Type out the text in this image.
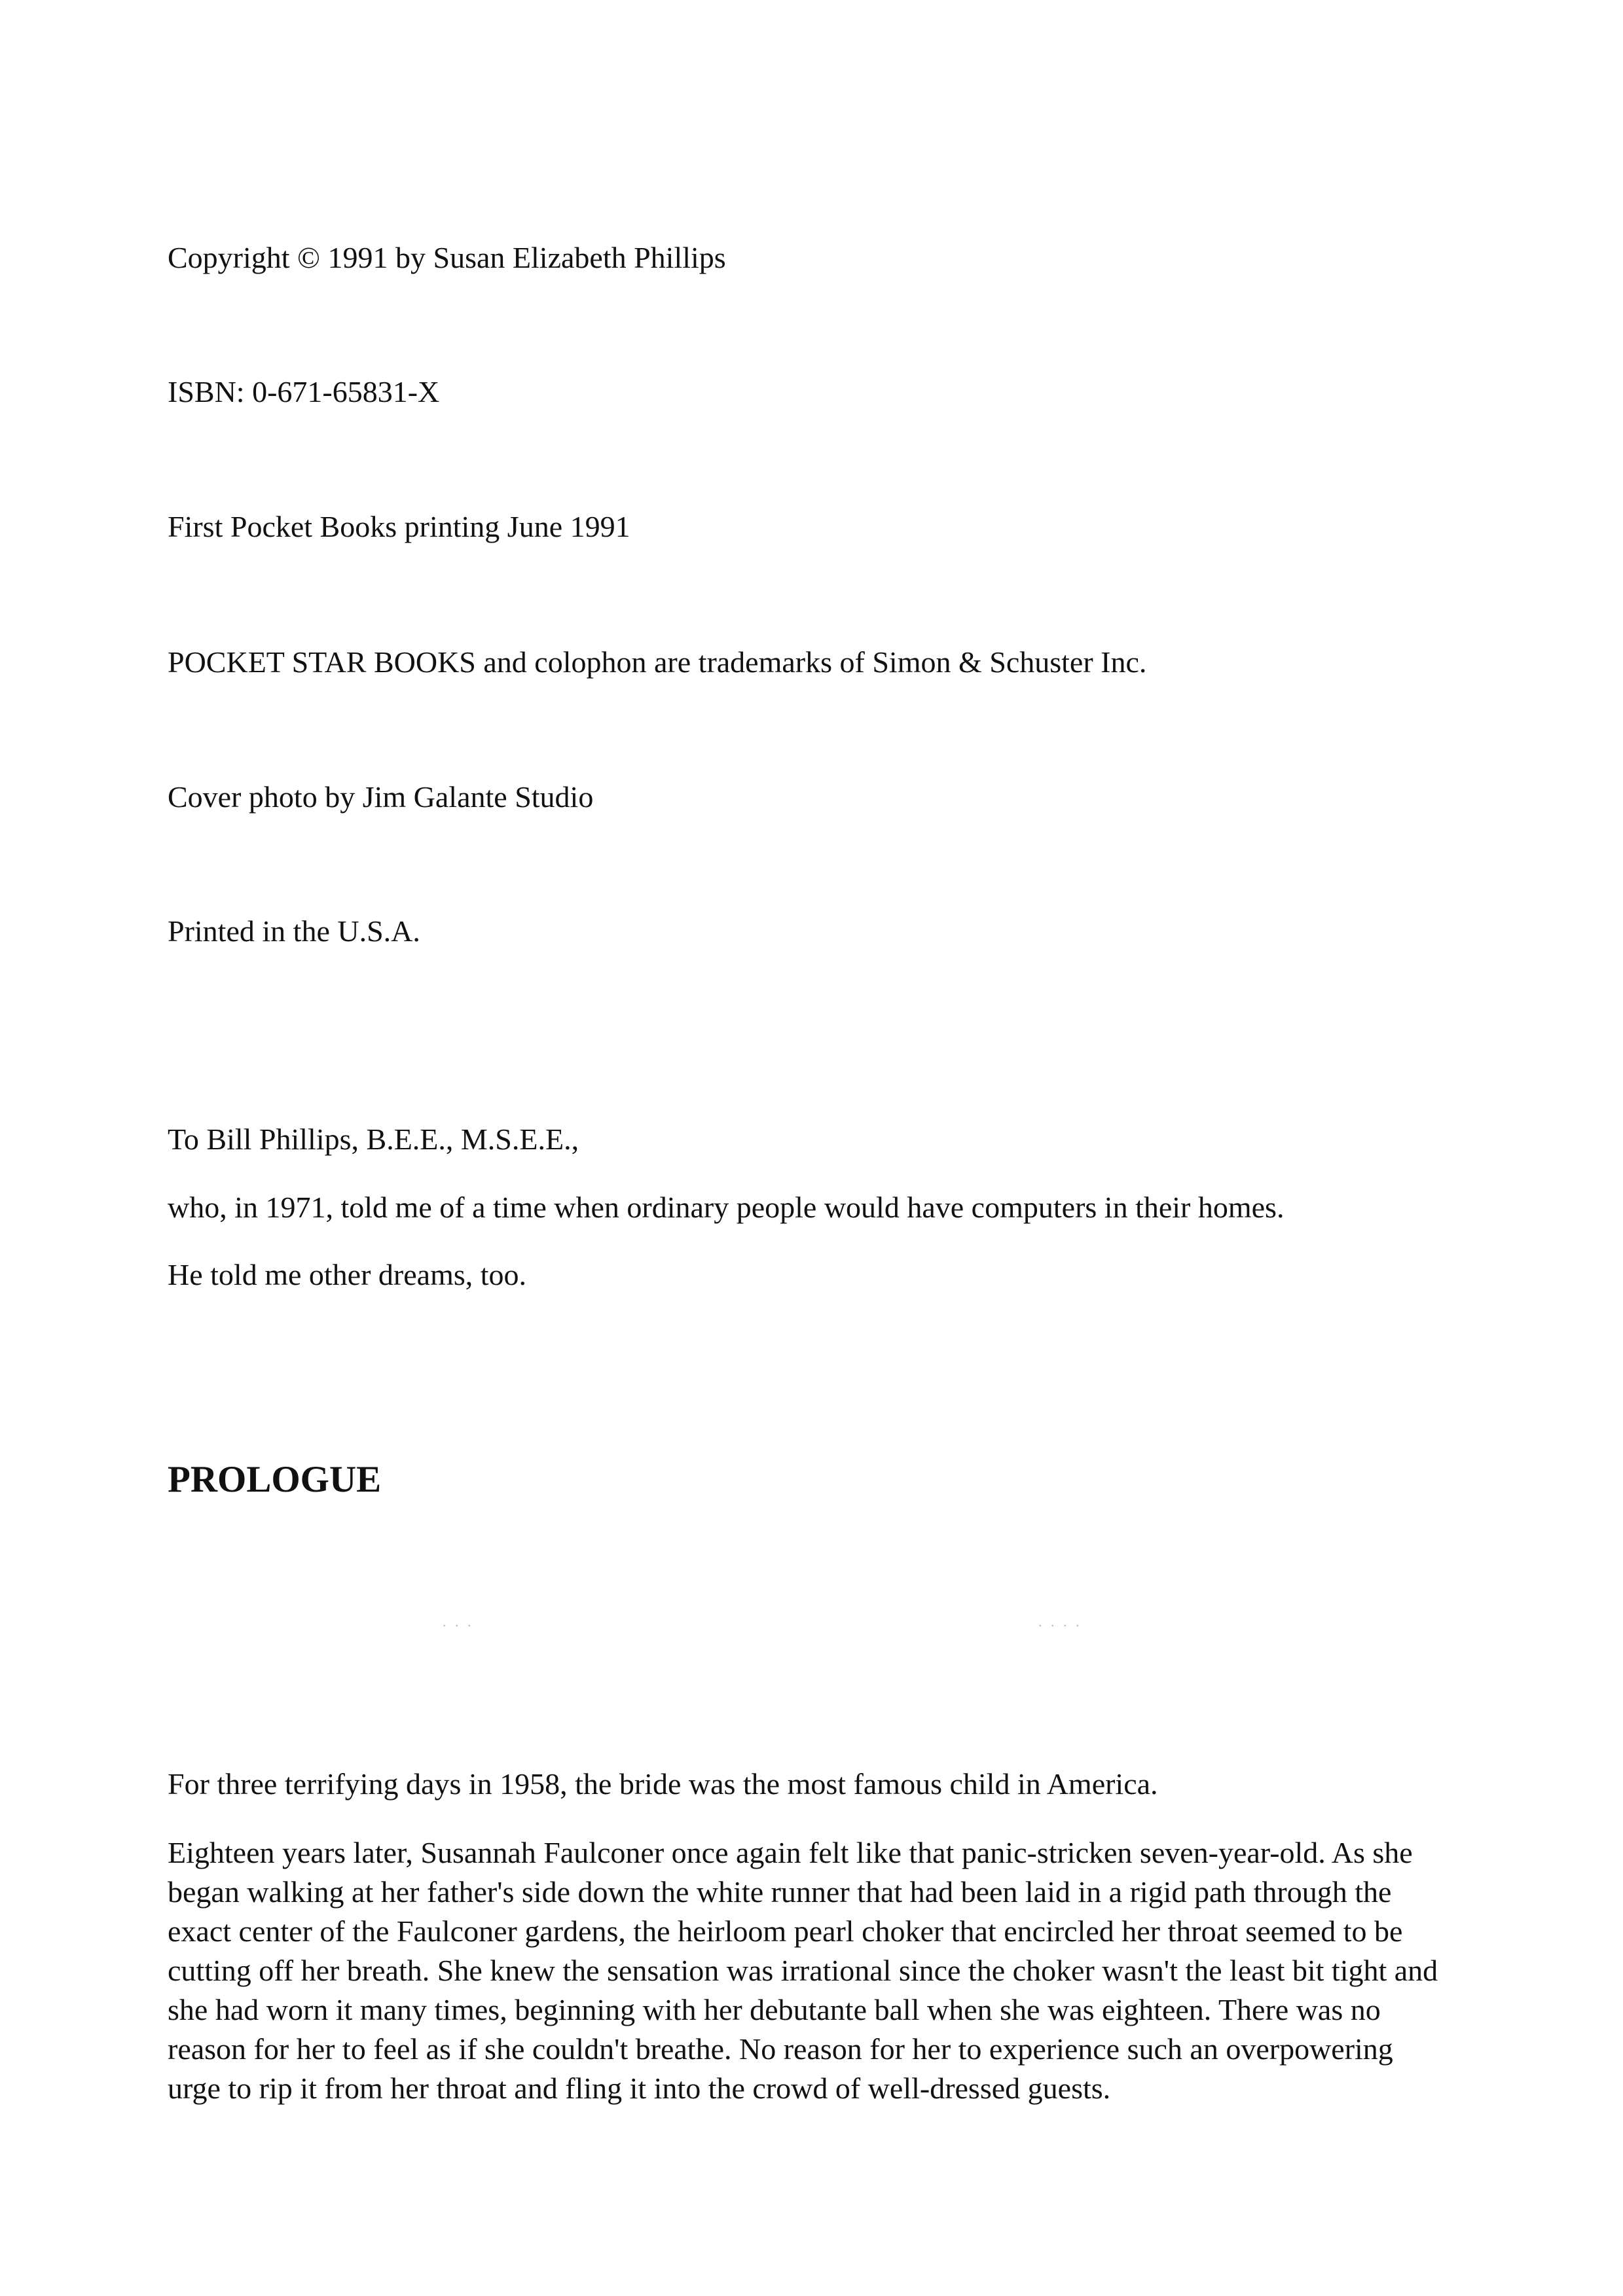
Copyright © 1991 by Susan Elizabeth Phillips

ISBN: 0-671-65831-X

First Pocket Books printing June 1991

POCKET STAR BOOKS and colophon are trademarks of Simon & Schuster Inc.

Cover photo by Jim Galante Studio

Printed in the U.S.A.

To Bill Phillips, B.E.E., M.S.E.E.,

who, in 1971, told me of a time when ordinary people would have computers in their homes.

He told me other dreams, too.

PROLOGUE
. . .	. . . .

For three terrifying days in 1958, the bride was the most famous child in America.

Eighteen years later, Susannah Faulconer once again felt like that panic-stricken seven-year-old. As she
began walking at her father's side down the white runner that had been laid in a rigid path through the
exact center of the Faulconer gardens, the heirloom pearl choker that encircled her throat seemed to be
cutting off her breath. She knew the sensation was irrational since the choker wasn't the least bit tight and
she had worn it many times, beginning with her debutante ball when she was eighteen. There was no
reason for her to feel as if she couldn't breathe. No reason for her to experience such an overpowering
urge to rip it from her throat and fling it into the crowd of well-dressed guests.
